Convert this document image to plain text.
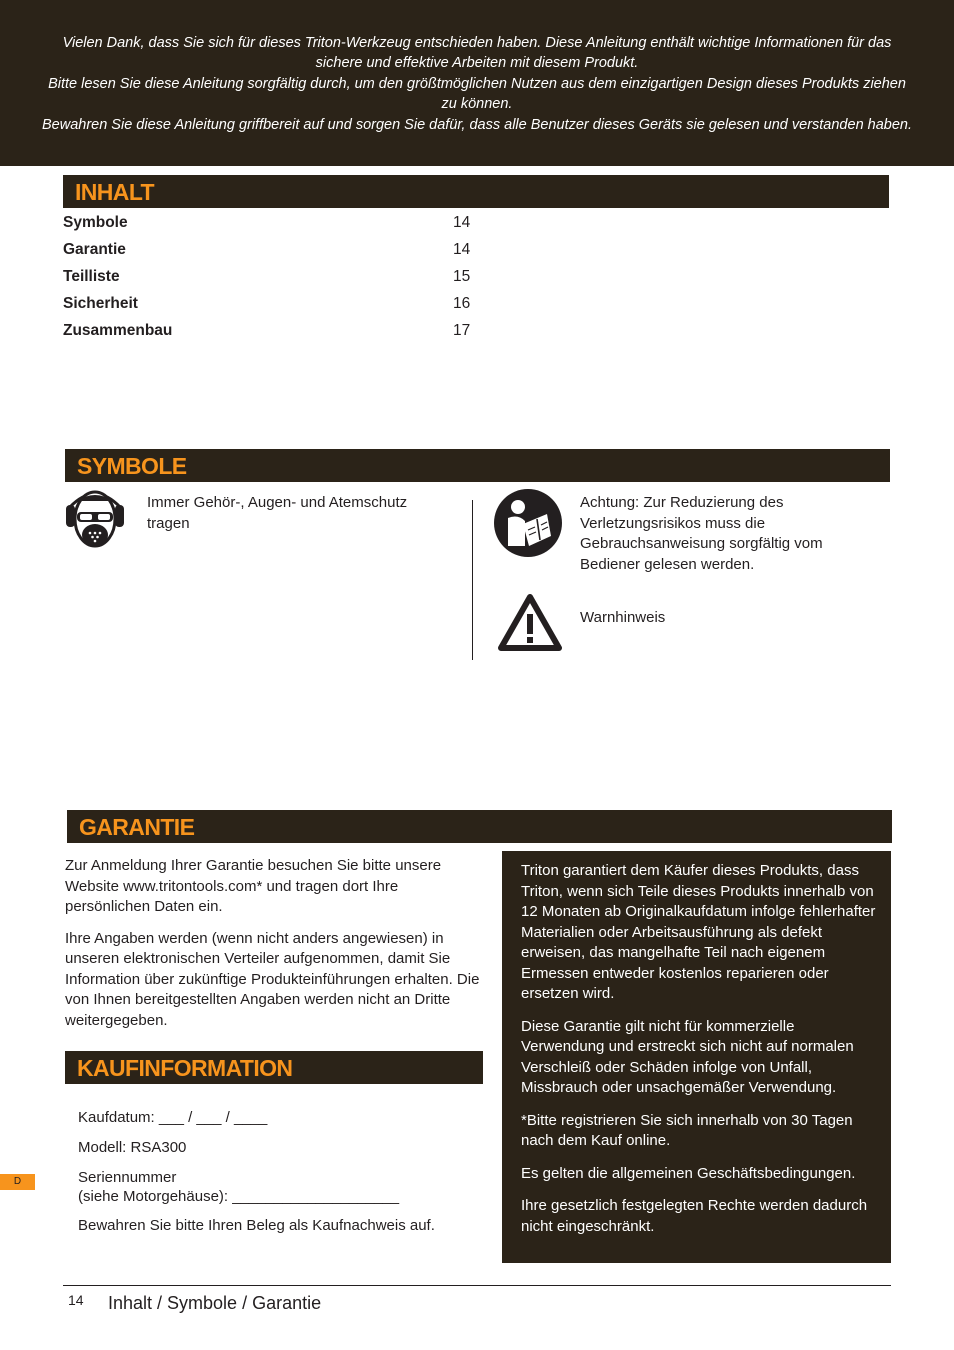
Vielen Dank, dass Sie sich für dieses Triton-Werkzeug entschieden haben. Diese Anleitung enthält wichtige Informationen für das sichere und effektive Arbeiten mit diesem Produkt.

Bitte lesen Sie diese Anleitung sorgfältig durch, um den größtmöglichen Nutzen aus dem einzigartigen Design dieses Produkts ziehen zu können.

Bewahren Sie diese Anleitung griffbereit auf und sorgen Sie dafür, dass alle Benutzer dieses Geräts sie gelesen und verstanden haben.

INHALT
Symbole	14
Garantie	14
Teilliste	15
Sicherheit	16
Zusammenbau	17
SYMBOLE
Immer Gehör-, Augen- und Atemschutz tragen
Achtung: Zur Reduzierung des Verletzungsrisikos muss die Gebrauchsanweisung sorgfältig vom Bediener gelesen werden.
Warnhinweis
GARANTIE

Zur Anmeldung Ihrer Garantie besuchen Sie bitte unsere Website www.tritontools.com* und tragen dort Ihre persönlichen Daten ein.

Ihre Angaben werden (wenn nicht anders angewiesen) in unseren elektronischen Verteiler aufgenommen, damit Sie Information über zukünftige Produkteinführungen erhalten. Die von Ihnen bereitgestellten Angaben werden nicht an Dritte weitergegeben.

Triton garantiert dem Käufer dieses Produkts, dass Triton, wenn sich Teile dieses Produkts innerhalb von 12 Monaten ab Originalkaufdatum infolge fehlerhafter Materialien oder Arbeitsausführung als defekt erweisen, das mangelhafte Teil nach eigenem Ermessen entweder kostenlos reparieren oder ersetzen wird.

Diese Garantie gilt nicht für kommerzielle Verwendung und erstreckt sich nicht auf normalen Verschleiß oder Schäden infolge von Unfall, Missbrauch oder unsachgemäßer Verwendung.

*Bitte registrieren Sie sich innerhalb von 30 Tagen nach dem Kauf online.

Es gelten die allgemeinen Geschäftsbedingungen.

Ihre gesetzlich festgelegten Rechte werden dadurch nicht eingeschränkt.

KAUFINFORMATION

Kaufdatum: ___ / ___ / ____

Modell: RSA300

Seriennummer
(siehe Motorgehäuse): ____________________

Bewahren Sie bitte Ihren Beleg als Kaufnachweis auf.

D
14 Inhalt / Symbole / Garantie
